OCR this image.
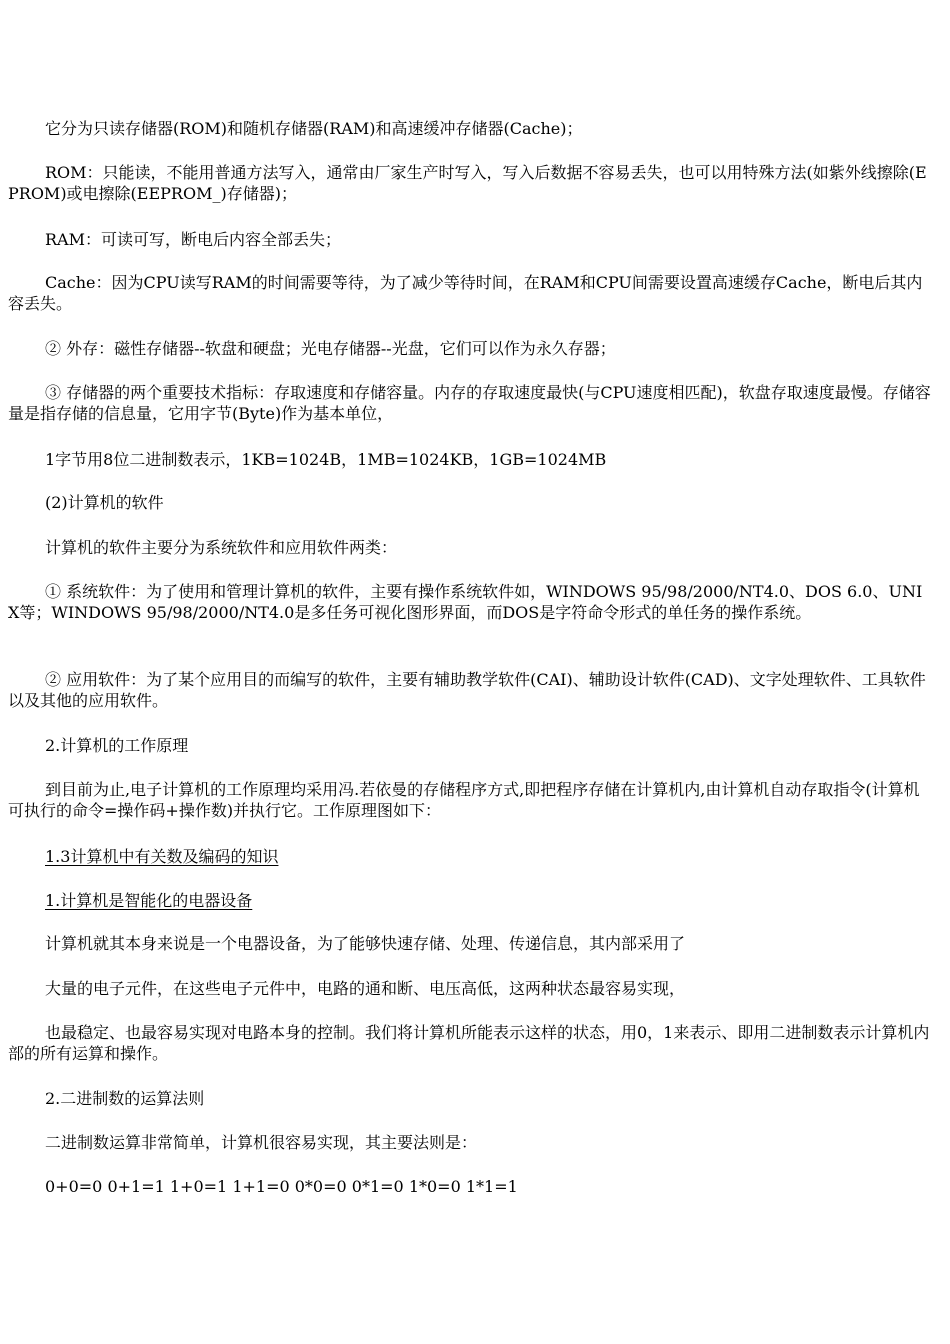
它分为只读存储器(ROM)和随机存储器(RAM)和高速缓冲存储器(Cache)；

ROM：只能读，不能用普通方法写入，通常由厂家生产时写入，写入后数据不容易丢失，也可以用特殊方法(如紫外线擦除(EPROM)或电擦除(EEPROM_)存储器)；

RAM：可读可写，断电后内容全部丢失；

Cache：因为CPU读写RAM的时间需要等待，为了减少等待时间，在RAM和CPU间需要设置高速缓存Cache，断电后其内容丢失。

② 外存：磁性存储器--软盘和硬盘；光电存储器--光盘，它们可以作为永久存器；

③ 存储器的两个重要技术指标：存取速度和存储容量。内存的存取速度最快(与CPU速度相匹配)，软盘存取速度最慢。存储容量是指存储的信息量，它用字节(Byte)作为基本单位，

1字节用8位二进制数表示，1KB=1024B，1MB=1024KB，1GB=1024MB

(2)计算机的软件

计算机的软件主要分为系统软件和应用软件两类：

① 系统软件：为了使用和管理计算机的软件，主要有操作系统软件如，WINDOWS 95/98/2000/NT4.0、DOS 6.0、UNIX等；WINDOWS 95/98/2000/NT4.0是多任务可视化图形界面，而DOS是字符命令形式的单任务的操作系统。

② 应用软件：为了某个应用目的而编写的软件，主要有辅助教学软件(CAI)、辅助设计软件(CAD)、文字处理软件、工具软件以及其他的应用软件。

2.计算机的工作原理

到目前为止,电子计算机的工作原理均采用冯.若依曼的存储程序方式,即把程序存储在计算机内,由计算机自动存取指令(计算机可执行的命令=操作码+操作数)并执行它。工作原理图如下：

1.3计算机中有关数及编码的知识

1.计算机是智能化的电器设备

计算机就其本身来说是一个电器设备，为了能够快速存储、处理、传递信息，其内部采用了

大量的电子元件，在这些电子元件中，电路的通和断、电压高低，这两种状态最容易实现，

也最稳定、也最容易实现对电路本身的控制。我们将计算机所能表示这样的状态，用0，1来表示、即用二进制数表示计算机内部的所有运算和操作。

2.二进制数的运算法则

二进制数运算非常简单，计算机很容易实现，其主要法则是：

0+0=0 0+1=1 1+0=1 1+1=0 0*0=0 0*1=0 1*0=0 1*1=1
